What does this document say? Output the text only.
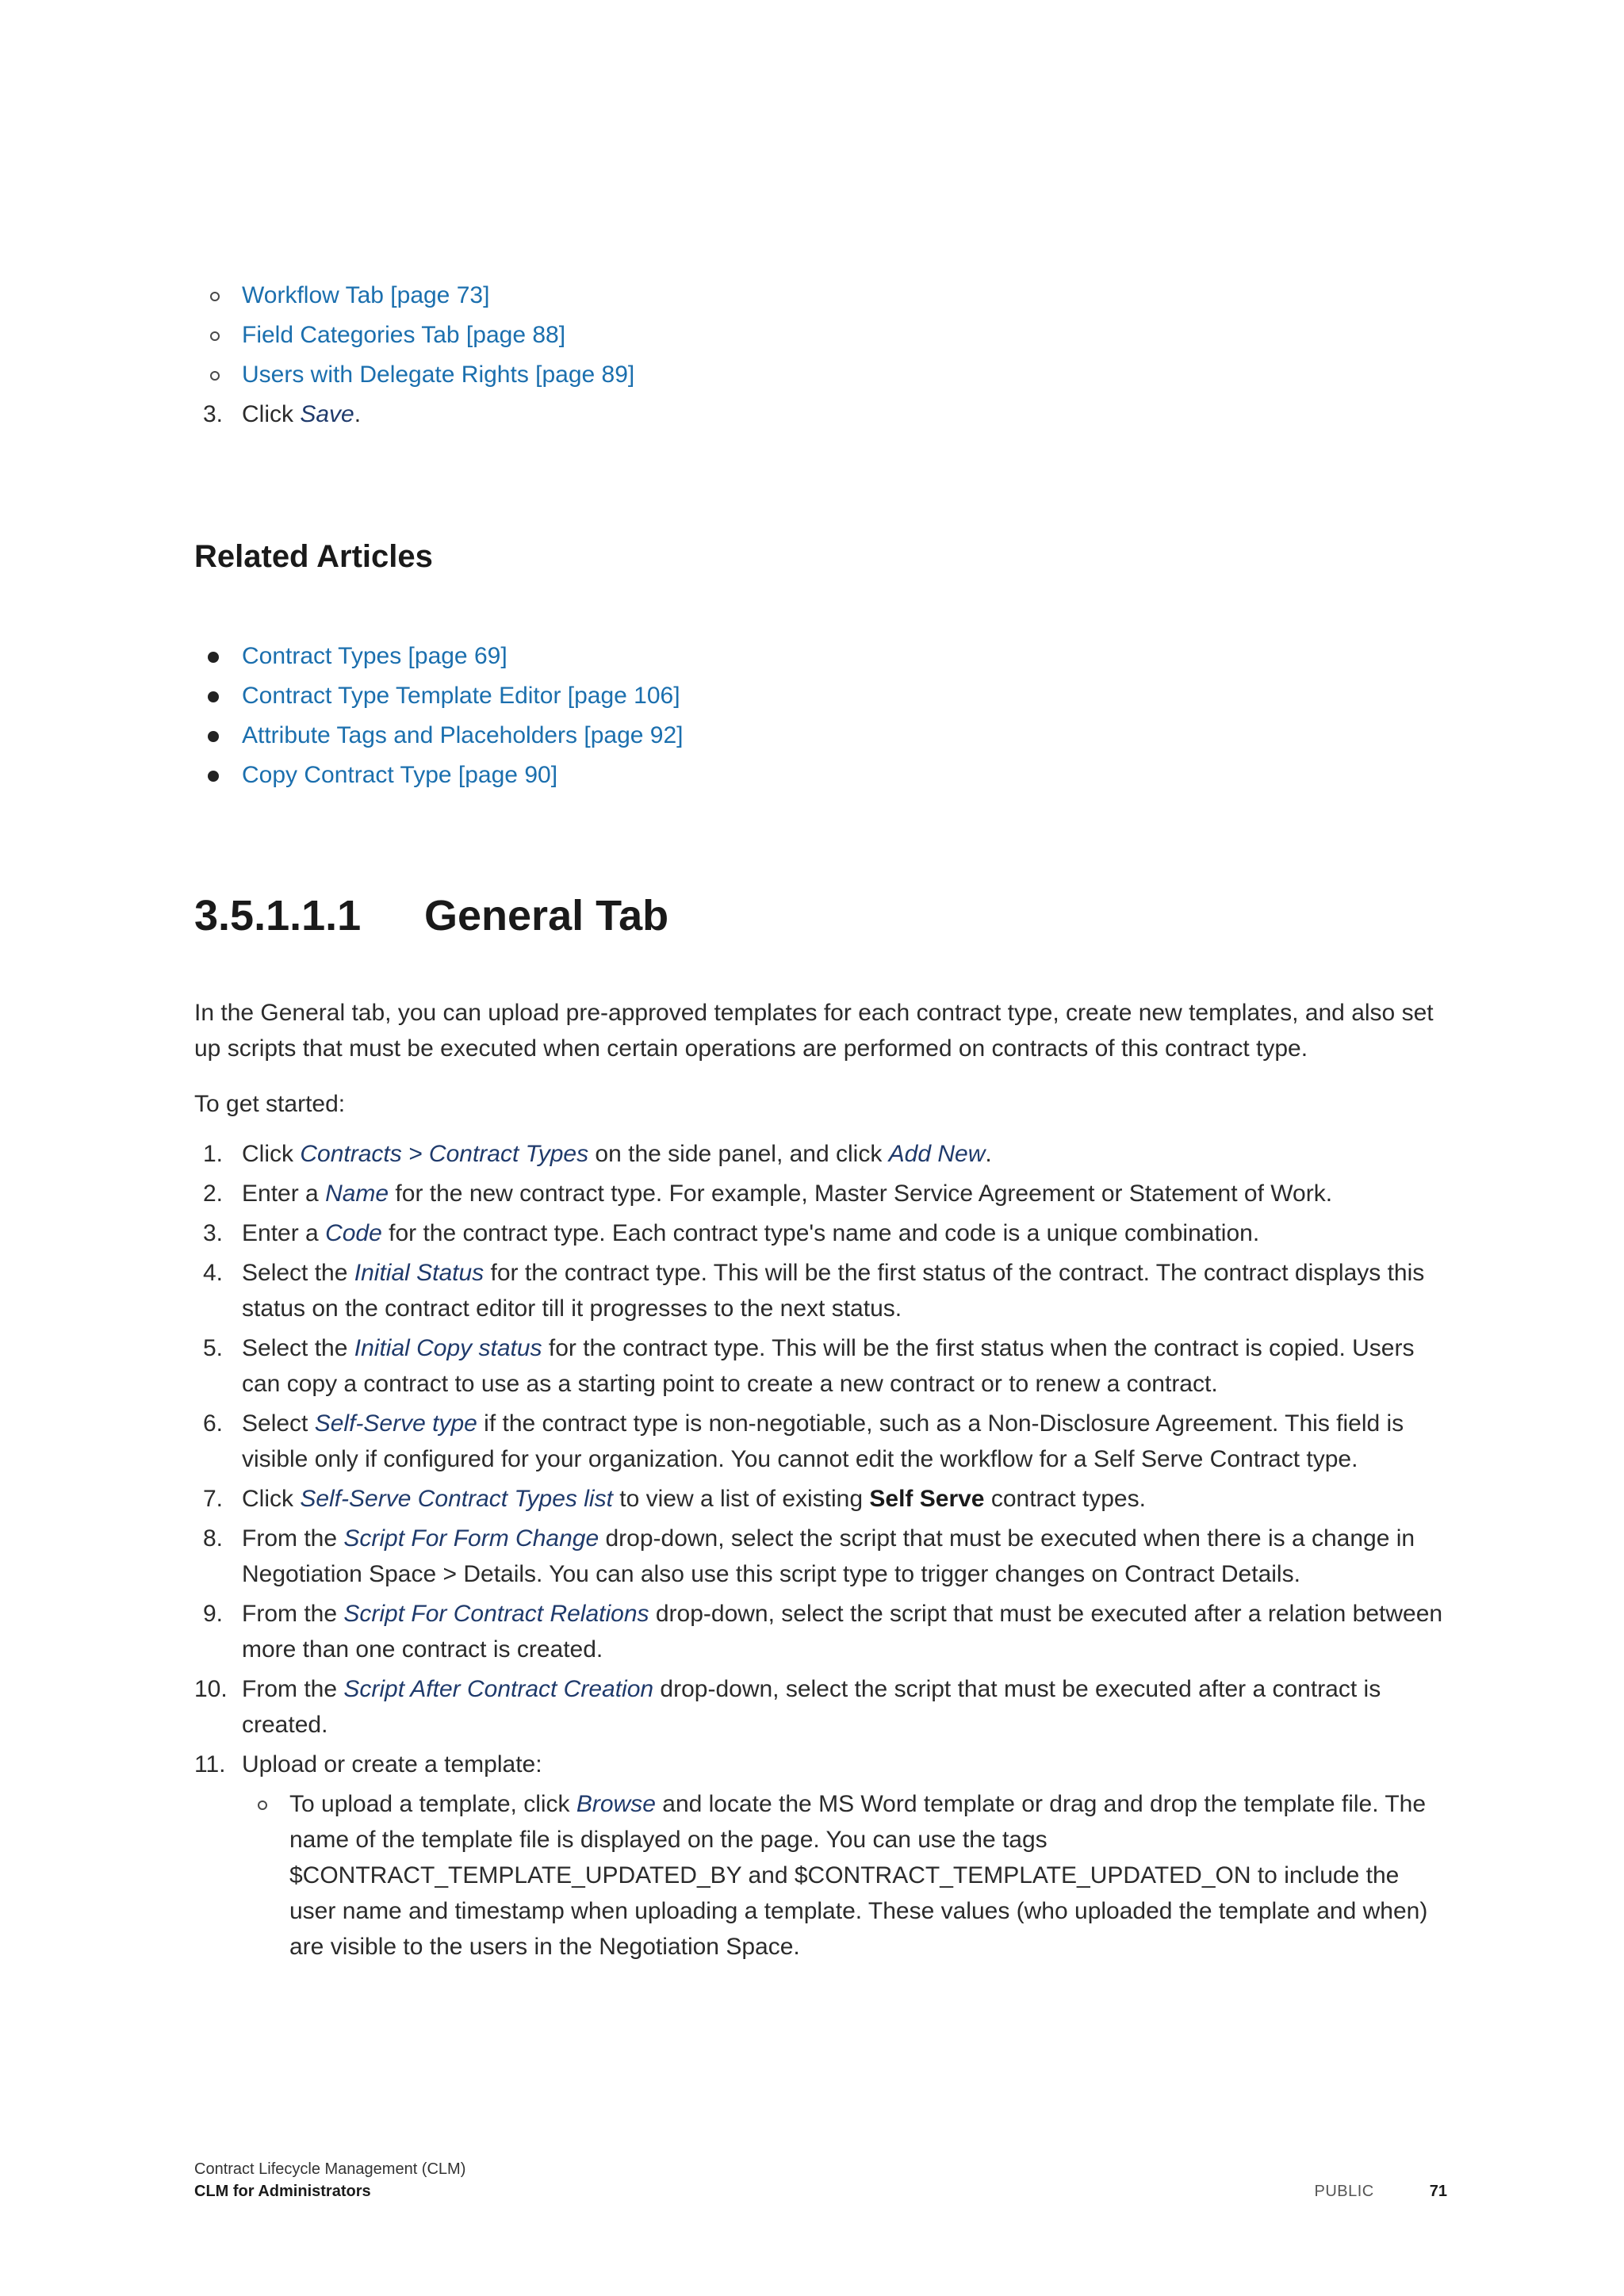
Workflow Tab [page 73]
Field Categories Tab [page 88]
Users with Delegate Rights [page 89]
3. Click Save.
Related Articles
Contract Types [page 69]
Contract Type Template Editor [page 106]
Attribute Tags and Placeholders [page 92]
Copy Contract Type [page 90]
3.5.1.1.1 General Tab

In the General tab, you can upload pre-approved templates for each contract type, create new templates, and also set up scripts that must be executed when certain operations are performed on contracts of this contract type.

To get started:

1. Click Contracts > Contract Types on the side panel, and click Add New.
2. Enter a Name for the new contract type. For example, Master Service Agreement or Statement of Work.
3. Enter a Code for the contract type. Each contract type's name and code is a unique combination.
4. Select the Initial Status for the contract type. This will be the first status of the contract. The contract displays this status on the contract editor till it progresses to the next status.
5. Select the Initial Copy status for the contract type. This will be the first status when the contract is copied. Users can copy a contract to use as a starting point to create a new contract or to renew a contract.
6. Select Self-Serve type if the contract type is non-negotiable, such as a Non-Disclosure Agreement. This field is visible only if configured for your organization. You cannot edit the workflow for a Self Serve Contract type.
7. Click Self-Serve Contract Types list to view a list of existing Self Serve contract types.
8. From the Script For Form Change drop-down, select the script that must be executed when there is a change in Negotiation Space > Details. You can also use this script type to trigger changes on Contract Details.
9. From the Script For Contract Relations drop-down, select the script that must be executed after a relation between more than one contract is created.
10. From the Script After Contract Creation drop-down, select the script that must be executed after a contract is created.
11. Upload or create a template:
To upload a template, click Browse and locate the MS Word template or drag and drop the template file. The name of the template file is displayed on the page. You can use the tags $CONTRACT_TEMPLATE_UPDATED_BY and $CONTRACT_TEMPLATE_UPDATED_ON to include the user name and timestamp when uploading a template. These values (who uploaded the template and when) are visible to the users in the Negotiation Space.
Contract Lifecycle Management (CLM)
CLM for Administrators	PUBLIC	71
